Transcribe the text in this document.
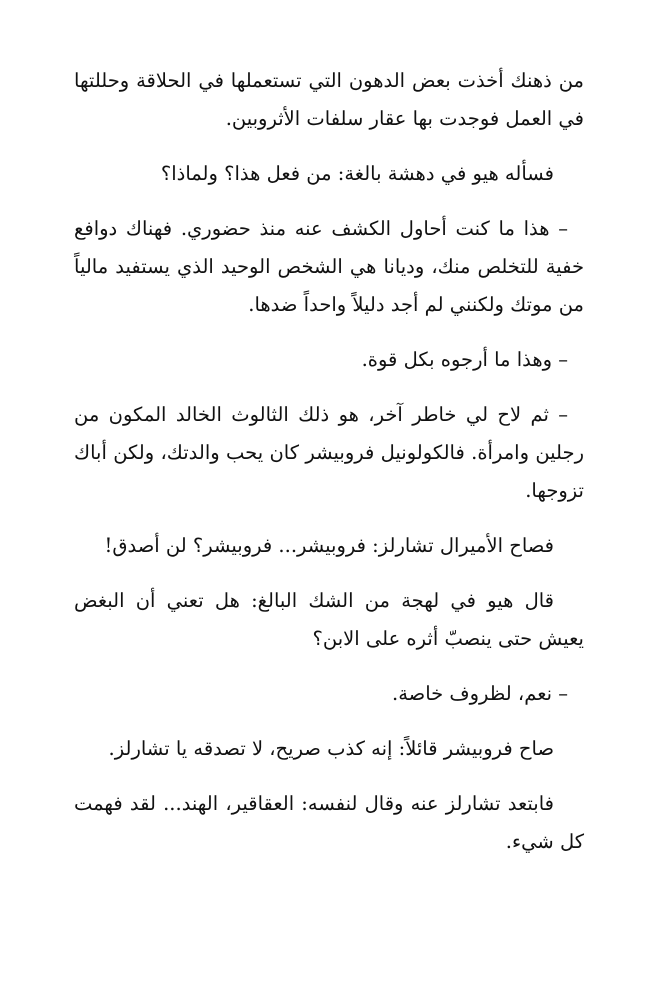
من ذهنك أخذت بعض الدهون التي تستعملها في الحلاقة وحللتها في العمل فوجدت بها عقار سلفات الأثروبين.

فسأله هيو في دهشة بالغة: من فعل هذا؟ ولماذا؟

– هذا ما كنت أحاول الكشف عنه منذ حضوري. فهناك دوافع خفية للتخلص منك، وديانا هي الشخص الوحيد الذي يستفيد مالياً من موتك ولكنني لم أجد دليلاً واحداً ضدها.

– وهذا ما أرجوه بكل قوة.

– ثم لاح لي خاطر آخر، هو ذلك الثالوث الخالد المكون من رجلين وامرأة. فالكولونيل فروبيشر كان يحب والدتك، ولكن أباك تزوجها.

فصاح الأميرال تشارلز: فروبيشر... فروبيشر؟ لن أصدق!

قال هيو في لهجة من الشك البالغ: هل تعني أن البغض يعيش حتى ينصبّ أثره على الابن؟

– نعم، لظروف خاصة.

صاح فروبيشر قائلاً: إنه كذب صريح، لا تصدقه يا تشارلز.

فابتعد تشارلز عنه وقال لنفسه: العقاقير، الهند... لقد فهمت كل شيء.
